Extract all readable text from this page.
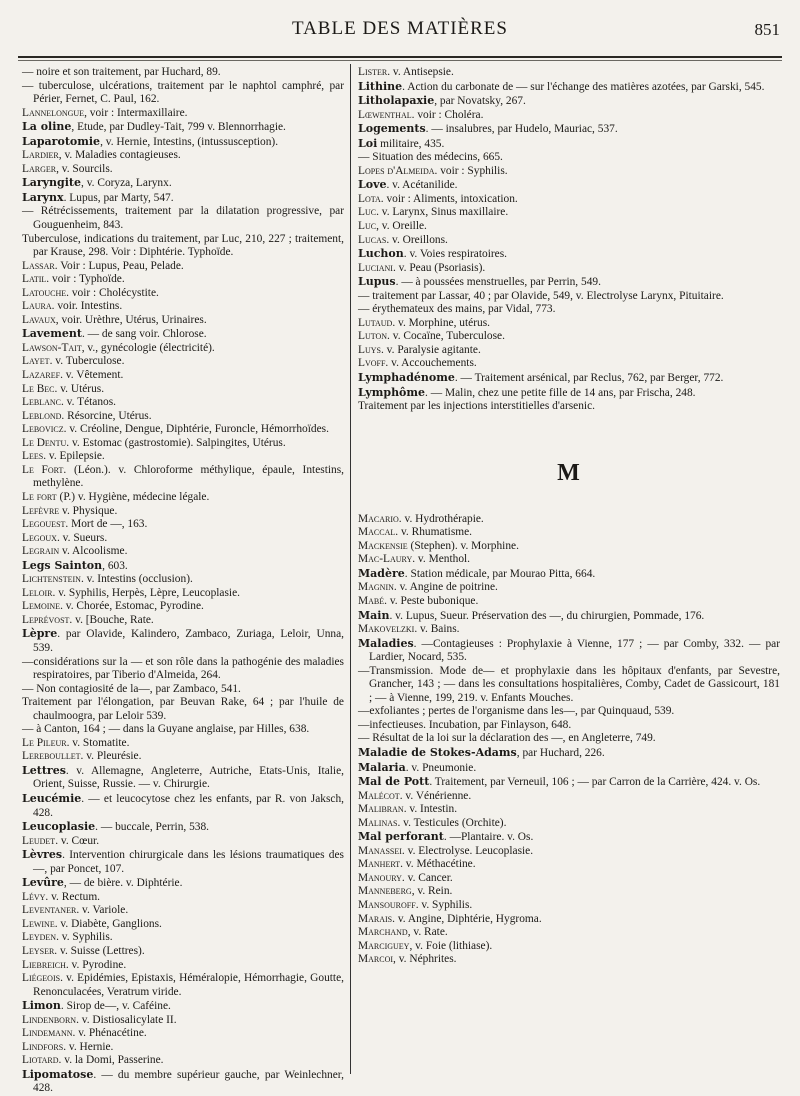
TABLE DES MATIÈRES	851
— noire et son traitement, par Huchard, 89.
— tuberculose, ulcérations, traitement par le naphtol camphré, par Périer, Fernet, C. Paul, 162.
Lannelongue, voir : Intermaxillaire.
La oline, Etude, par Dudley-Tait, 799 v. Blennorrhagie.
Laparotomie, v. Hernie, Intestins, (intussusception).
Lardier, v. Maladies contagieuses.
Larger, v. Sourcils.
Laryngite, v. Coryza, Larynx.
Larynx. Lupus, par Marty, 547.
— Rétrécissements, traitement par la dilatation progressive, par Gouguenheim, 843.
Tuberculose, indications du traitement, par Luc, 210, 227 ; traitement, par Krause, 298. Voir : Diphtérie. Typhoïde.
Lassar. Voir : Lupus, Peau, Pelade.
Latil. voir : Typhoïde.
Latouche. voir : Cholécystite.
Laura. voir. Intestins.
Lavaux, voir. Urèthre, Utérus, Urinaires.
Lavement. — de sang voir. Chlorose.
Lawson-Tait, v., gynécologie (électricité).
Layet. v. Tuberculose.
Lazaref. v. Vêtement.
Le Bec. v. Utérus.
Leblanc. v. Tétanos.
Leblond. Résorcine, Utérus.
Lebovicz. v. Créoline, Dengue, Diphtérie, Furoncle, Hémorrhoïdes.
Le Dentu. v. Estomac (gastrostomie). Salpingites, Utérus.
Lees. v. Epilepsie.
Le Fort. (Léon.). v. Chloroforme méthylique, épaule, Intestins, methylène.
Le fort (P.) v. Hygiène, médecine légale.
Lefèvre v. Physique.
Legouest. Mort de —, 163.
Legoux. v. Sueurs.
Legrain v. Alcoolisme.
Legs Sainton, 603.
Lichtenstein. v. Intestins (occlusion).
Leloir. v. Syphilis, Herpès, Lèpre, Leucoplasie.
Lemoine. v. Chorée, Estomac, Pyrodine.
Leprévost. v. [Bouche, Rate.
Lèpre. par Olavide, Kalindero, Zambaco, Zuriaga, Leloir, Unna, 539.
—considérations sur la — et son rôle dans la pathogénie des maladies respiratoires, par Tiberio d'Almeida, 264.
— Non contagiosité de la—, par Zambaco, 541.
Traitement par l'élongation, par Beuvan Rake, 64 ; par l'huile de chaulmoogra, par Leloir 539.
— à Canton, 164 ; — dans la Guyane anglaise, par Hilles, 638.
Le Pileur. v. Stomatite.
Lereboullet. v. Pleurésie.
Lettres. v. Allemagne, Angleterre, Autriche, Etats-Unis, Italie, Orient, Suisse, Russie. — v. Chirurgie.
Leucémie. — et leucocytose chez les enfants, par R. von Jaksch, 428.
Leucoplasie. — buccale, Perrin, 538.
Leudet. v. Cœur.
Lèvres. Intervention chirurgicale dans les lésions traumatiques des—, par Poncet, 107.
Levûre, — de bière. v. Diphtérie.
Lévy. v. Rectum.
Leventaner. v. Variole.
Lewine. v. Diabète, Ganglions.
Leyden. v. Syphilis.
Leyser. v. Suisse (Lettres).
Liebreich. v. Pyrodine.
Liégeois. v. Epidémies, Epistaxis, Héméralopie, Hémorrhagie, Goutte, Renonculacées, Veratrum viride.
Limon. Sirop de—, v. Caféine.
Lindenborn. v. Distiosalicylate II.
Lindemann. v. Phénacétine.
Lindfors. v. Hernie.
Liotard. v. la Domi, Passerine.
Lipomatose. — du membre supérieur gauche, par Weinlechner, 428.
Lister. v. Antisepsie.
Lithine. Action du carbonate de — sur l'échange des matières azotées, par Garski, 545.
Litholapaxie, par Novatsky, 267.
Lœwenthal. voir : Choléra.
Logements. — insalubres, par Hudelo, Mauriac, 537.
Loi militaire, 435.
— Situation des médecins, 665.
Lopes d'Almeida. voir : Syphilis.
Love. v. Acétanilide.
Lota. voir : Aliments, intoxication.
Luc. v. Larynx, Sinus maxillaire.
Luc, v. Oreille.
Lucas. v. Oreillons.
Luchon. v. Voies respiratoires.
Luciani. v. Peau (Psoriasis).
Lupus. — à poussées menstruelles, par Perrin, 549.
— traitement par Lassar, 40 ; par Olavide, 549, v. Electrolyse Larynx, Pituitaire.
— érythemateux des mains, par Vidal, 773.
Lutaud. v. Morphine, utérus.
Luton. v. Cocaïne, Tuberculose.
Luys. v. Paralysie agitante.
Lvoff. v. Accouchements.
Lymphadénome. — Traitement arsénical, par Reclus, 762, par Berger, 772.
Lymphôme. — Malin, chez une petite fille de 14 ans, par Frischa, 248.
Traitement par les injections interstitielles d'arsenic.
M
Macario. v. Hydrothérapie.
Maccal. v. Rhumatisme.
Mackensie (Stephen). v. Morphine.
Mac-Laury. v. Menthol.
Madère. Station médicale, par Mourao Pitta, 664.
Magnin. v. Angine de poitrine.
Mabé. v. Peste bubonique.
Main. v. Lupus, Sueur. Préservation des —, du chirurgien, Pommade, 176.
Makovelzki. v. Bains.
Maladies. —Contagieuses : Prophylaxie à Vienne, 177 ; — par Comby, 332. — par Lardier, Nocard, 535.
—Transmission. Mode de— et prophylaxie dans les hôpitaux d'enfants, par Sevestre, Grancher, 143 ; — dans les consultations hospitalières, Comby, Cadet de Gassicourt, 181 ; — à Vienne, 199, 219. v. Enfants Mouches.
—exfoliantes ; pertes de l'organisme dans les—, par Quinquaud, 539.
—infectieuses. Incubation, par Finlayson, 648.
— Résultat de la loi sur la déclaration des —, en Angleterre, 749.
Maladie de Stokes-Adams, par Huchard, 226.
Malaria. v. Pneumonie.
Mal de Pott. Traitement, par Verneuil, 106 ; — par Carron de la Carrière, 424. v. Os.
Malécot. v. Vénérienne.
Malibran. v. Intestin.
Malinas. v. Testicules (Orchite).
Mal perforant. —Plantaire. v. Os.
Manassei. v. Electrolyse. Leucoplasie.
Manhert. v. Méthacétine.
Manoury. v. Cancer.
Manneberg, v. Rein.
Mansouroff. v. Syphilis.
Marais. v. Angine, Diphtérie, Hygroma.
Marchand, v. Rate.
Marciguey, v. Foie (lithiase).
Marcoi, v. Néphrites.
